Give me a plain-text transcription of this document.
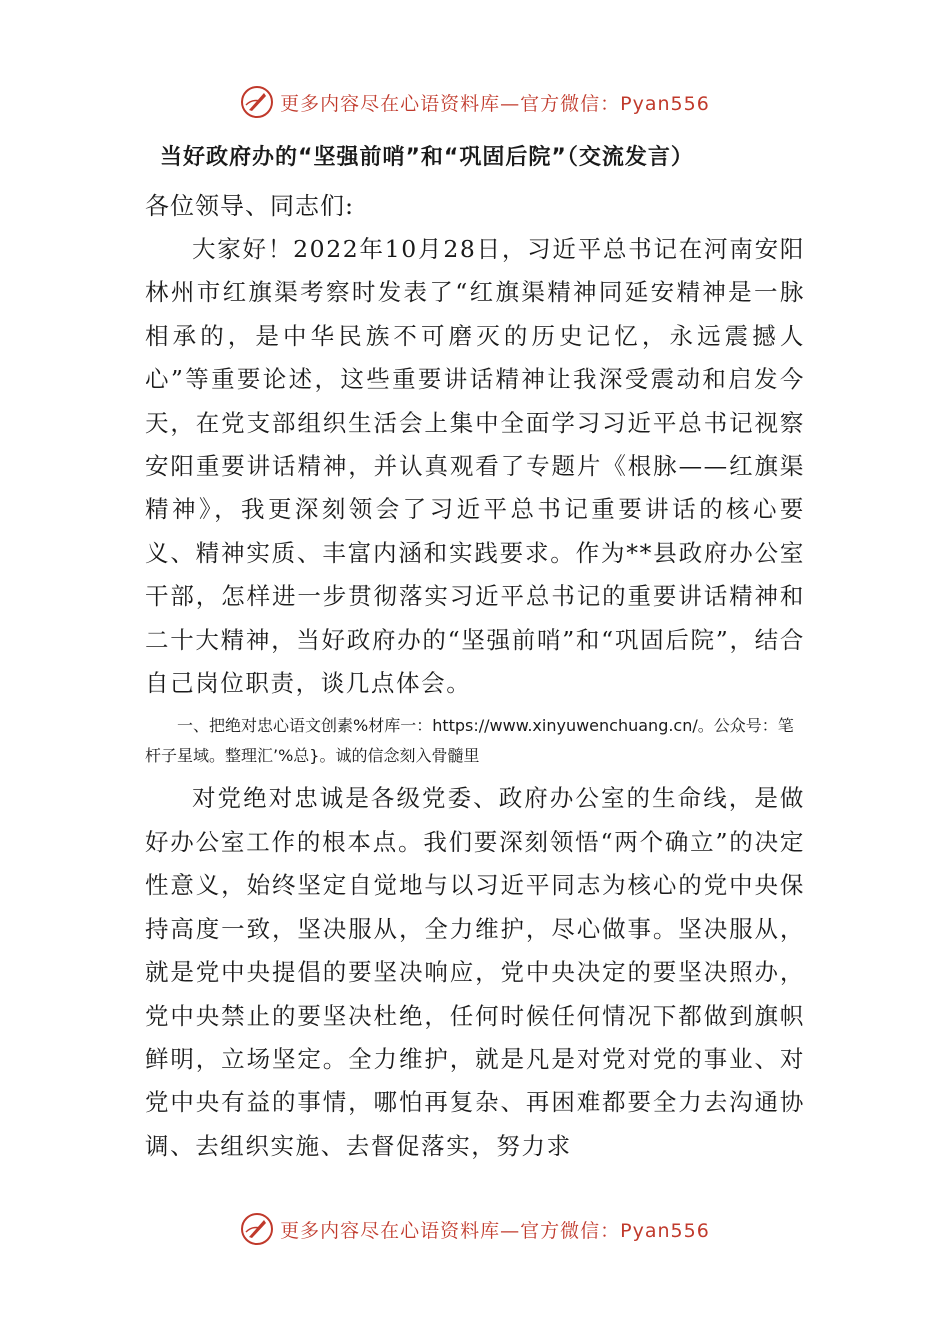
更多内容尽在心语资料库—官方微信：Pyan556
当好政府办的“坚强前哨”和“巩固后院”（交流发言）
各位领导、同志们:

大家好！2022年10月28日，习近平总书记在河南安阳林州市红旗渠考察时发表了“红旗渠精神同延安精神是一脉相承的，是中华民族不可磨灭的历史记忆，永远震撼人心”等重要论述，这些重要讲话精神让我深受震动和启发今天，在党支部组织生活会上集中全面学习习近平总书记视察安阳重要讲话精神，并认真观看了专题片《根脉——红旗渠精神》，我更深刻领会了习近平总书记重要讲话的核心要义、精神实质、丰富内涵和实践要求。作为**县政府办公室干部，怎样进一步贯彻落实习近平总书记的重要讲话精神和二十大精神，当好政府办的“坚强前哨”和“巩固后院”，结合自己岗位职责，谈几点体会。

一、把绝对忠心语文创素%材库一：https://www.xinyuwenchuang.cn/。公众号：笔杆子星域。整理汇’%总}。诚的信念刻入骨髓里

对党绝对忠诚是各级党委、政府办公室的生命线，是做好办公室工作的根本点。我们要深刻领悟“两个确立”的决定性意义，始终坚定自觉地与以习近平同志为核心的党中央保持高度一致，坚决服从，全力维护，尽心做事。坚决服从，就是党中央提倡的要坚决响应，党中央决定的要坚决照办，党中央禁止的要坚决杜绝，任何时候任何情况下都做到旗帜鲜明，立场坚定。全力维护，就是凡是对党对党的事业、对党中央有益的事情，哪怕再复杂、再困难都要全力去沟通协调、去组织实施、去督促落实，努力求

更多内容尽在心语资料库—官方微信：Pyan556
